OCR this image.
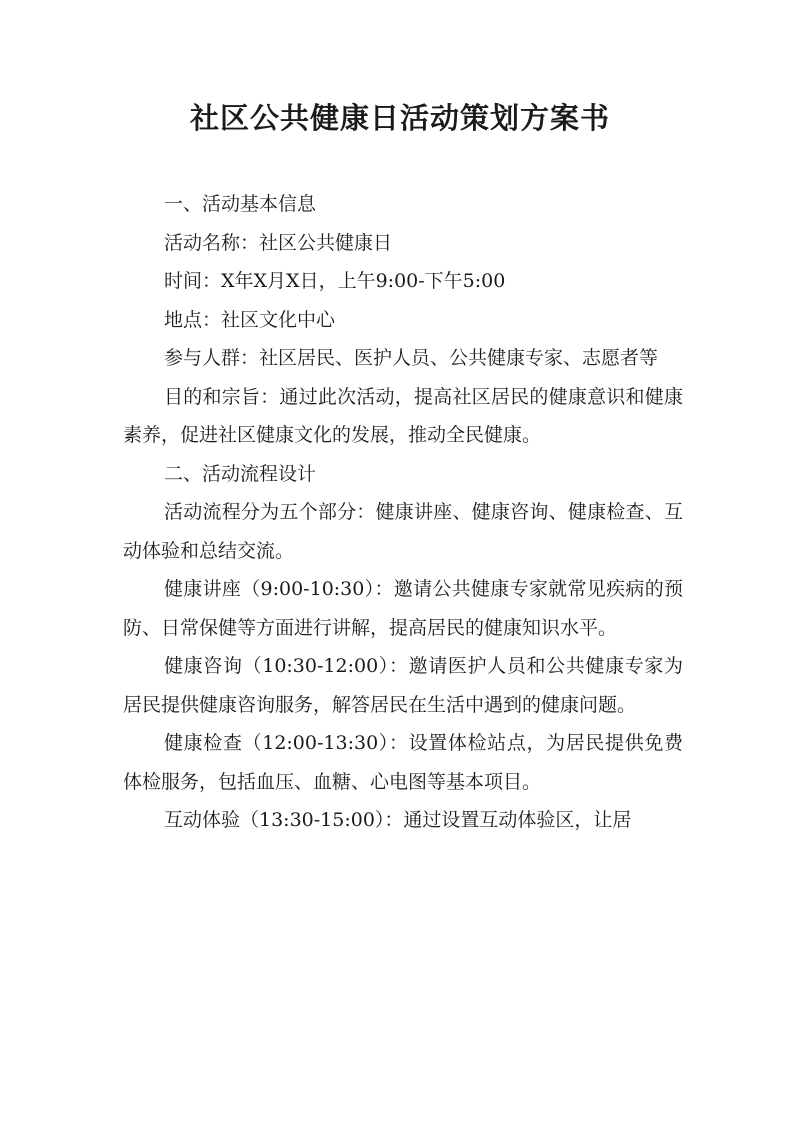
社区公共健康日活动策划方案书

一、活动基本信息

活动名称：社区公共健康日

时间：X年X月X日，上午9:00-下午5:00

地点：社区文化中心

参与人群：社区居民、医护人员、公共健康专家、志愿者等

目的和宗旨：通过此次活动，提高社区居民的健康意识和健康素养，促进社区健康文化的发展，推动全民健康。

二、活动流程设计

活动流程分为五个部分：健康讲座、健康咨询、健康检查、互动体验和总结交流。

健康讲座（9:00-10:30）：邀请公共健康专家就常见疾病的预防、日常保健等方面进行讲解，提高居民的健康知识水平。

健康咨询（10:30-12:00）：邀请医护人员和公共健康专家为居民提供健康咨询服务，解答居民在生活中遇到的健康问题。

健康检查（12:00-13:30）：设置体检站点，为居民提供免费体检服务，包括血压、血糖、心电图等基本项目。

互动体验（13:30-15:00）：通过设置互动体验区，让居
